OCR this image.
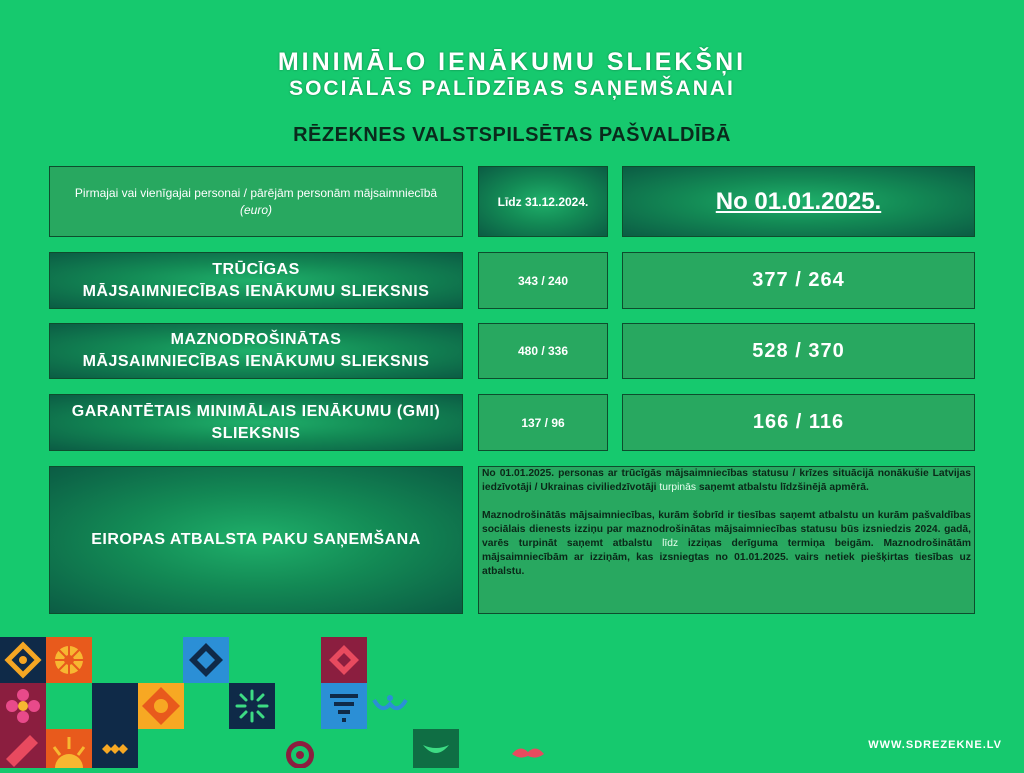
MINIMĀLO IENĀKUMU SLIEKŠŅI
SOCIĀLĀS PALĪDZĪBAS SAŅEMŠANAI
RĒZEKNES VALSTSPILSĒTAS PAŠVALDĪBĀ
Pirmajai vai vienīgajai personai / pārējām personām mājsaimniecībā
(euro)
Līdz 31.12.2024.	No 01.01.2025.
TRŪCĪGAS
MĀJSAIMNIECĪBAS IENĀKUMU SLIEKSNIS
343 / 240	377 / 264
MAZNODROŠINĀTAS
MĀJSAIMNIECĪBAS IENĀKUMU SLIEKSNIS
480 / 336	528 / 370
GARANTĒTAIS MINIMĀLAIS IENĀKUMU (GMI)
SLIEKSNIS
137 / 96	166 / 116
EIROPAS ATBALSTA PAKU SAŅEMŠANA

No 01.01.2025. personas ar trūcīgās mājsaimniecības statusu / krīzes situācijā nonākušie Latvijas iedzīvotāji / Ukrainas civiliedzīvotāji turpinās saņemt atbalstu līdzšinējā apmērā.

Maznodrošinātās mājsaimniecības, kurām šobrīd ir tiesības saņemt atbalstu un kurām pašvaldības sociālais dienests izziņu par maznodrošinātas mājsaimniecības statusu būs izsniedzis 2024. gadā, varēs turpināt saņemt atbalstu līdz izziņas derīguma termiņa beigām. Maznodrošinātām mājsaimniecībām ar izziņām, kas izsniegtas no 01.01.2025. vairs netiek piešķirtas tiesības uz atbalstu.

WWW.SDREZEKNE.LV
